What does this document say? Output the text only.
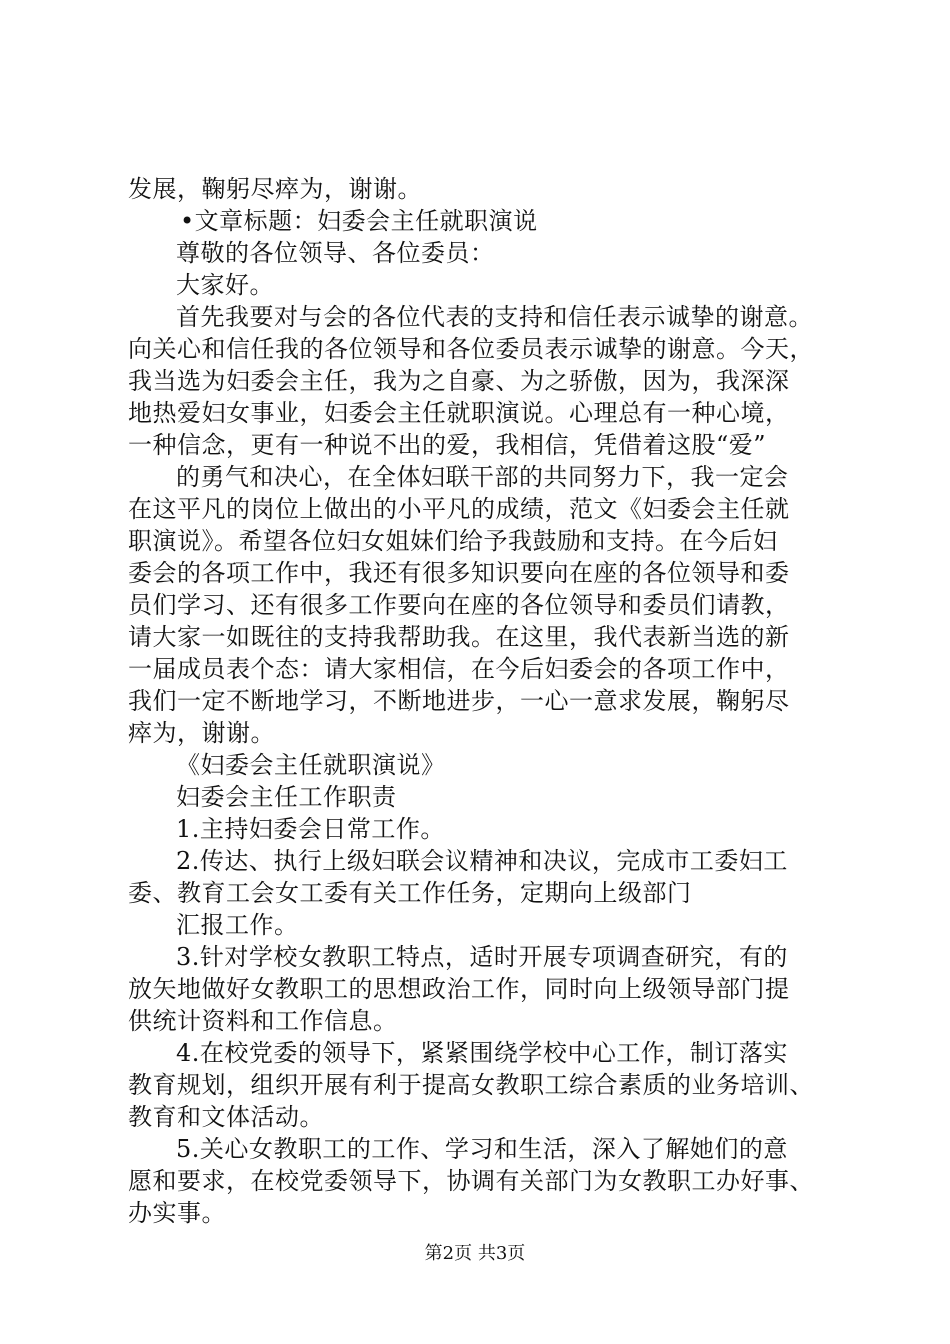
发展，鞠躬尽瘁为，谢谢。
•文章标题：妇委会主任就职演说
尊敬的各位领导、各位委员：
大家好。
首先我要对与会的各位代表的支持和信任表示诚挚的谢意。
向关心和信任我的各位领导和各位委员表示诚挚的谢意。今天，
我当选为妇委会主任，我为之自豪、为之骄傲，因为，我深深
地热爱妇女事业，妇委会主任就职演说。心理总有一种心境，
一种信念，更有一种说不出的爱，我相信，凭借着这股“爱”
的勇气和决心，在全体妇联干部的共同努力下，我一定会
在这平凡的岗位上做出的小平凡的成绩，范文《妇委会主任就
职演说》。希望各位妇女姐妹们给予我鼓励和支持。在今后妇
委会的各项工作中，我还有很多知识要向在座的各位领导和委
员们学习、还有很多工作要向在座的各位领导和委员们请教，
请大家一如既往的支持我帮助我。在这里，我代表新当选的新
一届成员表个态：请大家相信，在今后妇委会的各项工作中，
我们一定不断地学习，不断地进步，一心一意求发展，鞠躬尽
瘁为，谢谢。
《妇委会主任就职演说》
妇委会主任工作职责
1.主持妇委会日常工作。
2.传达、执行上级妇联会议精神和决议，完成市工委妇工
委、教育工会女工委有关工作任务，定期向上级部门
汇报工作。
3.针对学校女教职工特点，适时开展专项调查研究，有的
放矢地做好女教职工的思想政治工作，同时向上级领导部门提
供统计资料和工作信息。
4.在校党委的领导下，紧紧围绕学校中心工作，制订落实
教育规划，组织开展有利于提高女教职工综合素质的业务培训、
教育和文体活动。
5.关心女教职工的工作、学习和生活，深入了解她们的意
愿和要求，在校党委领导下，协调有关部门为女教职工办好事、
办实事。
第2页 共3页
